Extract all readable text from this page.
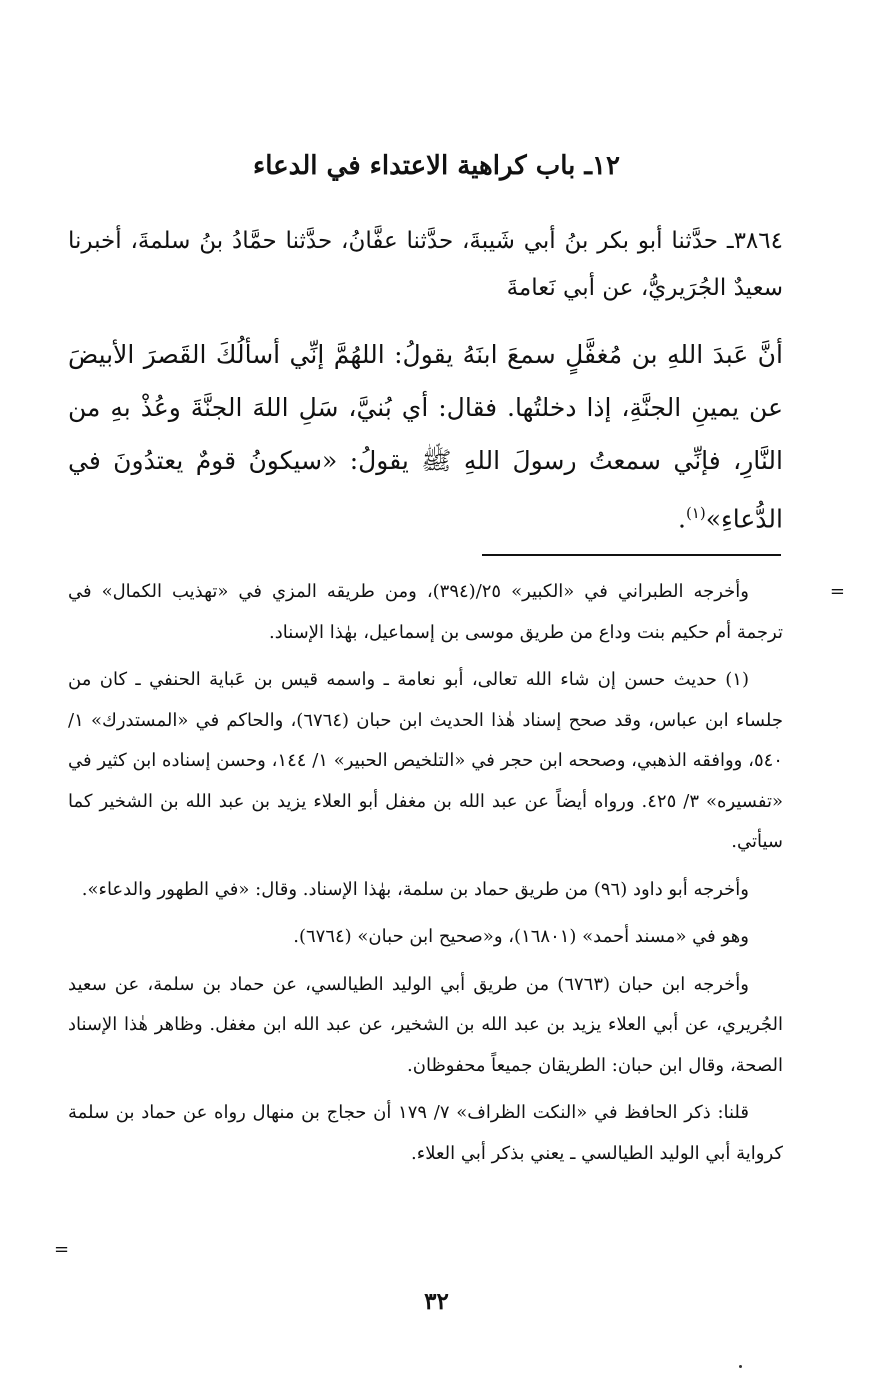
١٢ـ باب كراهية الاعتداء في الدعاء
٣٨٦٤ـ حدَّثنا أبو بكر بنُ أبي شَيبةَ، حدَّثنا عفَّانُ، حدَّثنا حمَّادُ بنُ سلمةَ، أخبرنا سعيدٌ الجُرَيريُّ، عن أبي نَعامةَ
أنَّ عَبدَ اللهِ بن مُغفَّلٍ سمعَ ابنَهُ يقولُ: اللهُمَّ إنِّي أسألُكَ القَصرَ الأبيضَ عن يمينِ الجنَّةِ، إذا دخلتُها. فقال: أي بُنيَّ، سَلِ اللهَ الجنَّةَ وعُذْ بهِ من النَّارِ، فإنِّي سمعتُ رسولَ اللهِ ﷺ يقولُ: «سيكونُ قومٌ يعتدُونَ في الدُّعاءِ»$^{(١)}$.
=

وأخرجه الطبراني في «الكبير» ٢٥/(٣٩٤)، ومن طريقه المزي في «تهذيب الكمال» في ترجمة أم حكيم بنت وداع من طريق موسى بن إسماعيل، بهٰذا الإسناد.

(١) حديث حسن إن شاء الله تعالى، أبو نعامة ـ واسمه قيس بن عَباية الحنفي ـ كان من جلساء ابن عباس، وقد صحح إسناد هٰذا الحديث ابن حبان (٦٧٦٤)، والحاكم في «المستدرك» ١/ ٥٤٠، ووافقه الذهبي، وصححه ابن حجر في «التلخيص الحبير» ١/ ١٤٤، وحسن إسناده ابن كثير في «تفسيره» ٣/ ٤٢٥. ورواه أيضاً عن عبد الله بن مغفل أبو العلاء يزيد بن عبد الله بن الشخير كما سيأتي.

وأخرجه أبو داود (٩٦) من طريق حماد بن سلمة، بهٰذا الإسناد. وقال: «في الطهور والدعاء».

وهو في «مسند أحمد» (١٦٨٠١)، و«صحيح ابن حبان» (٦٧٦٤).

وأخرجه ابن حبان (٦٧٦٣) من طريق أبي الوليد الطيالسي، عن حماد بن سلمة، عن سعيد الجُريري، عن أبي العلاء يزيد بن عبد الله بن الشخير، عن عبد الله ابن مغفل. وظاهر هٰذا الإسناد الصحة، وقال ابن حبان: الطريقان جميعاً محفوظان.

قلنا: ذكر الحافظ في «النكت الظراف» ٧/ ١٧٩ أن حجاج بن منهال رواه عن حماد بن سلمة كرواية أبي الوليد الطيالسي ـ يعني بذكر أبي العلاء.

=
٣٢
